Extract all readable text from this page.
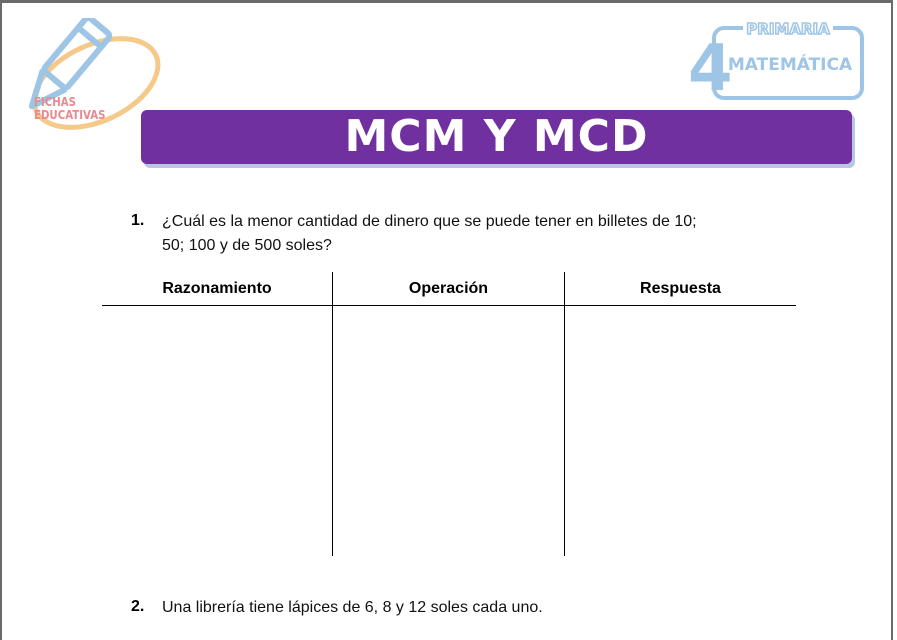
FICHAS
EDUCATIVAS
PRIMARIA
4
MATEMÁTICA
MCM Y MCD
1. ¿Cuál es la menor cantidad de dinero que se puede tener en billetes de 10;
50; 100 y de 500 soles?
Razonamiento	Operación	Respuesta
2. Una librería tiene lápices de 6, 8 y 12 soles cada uno.
